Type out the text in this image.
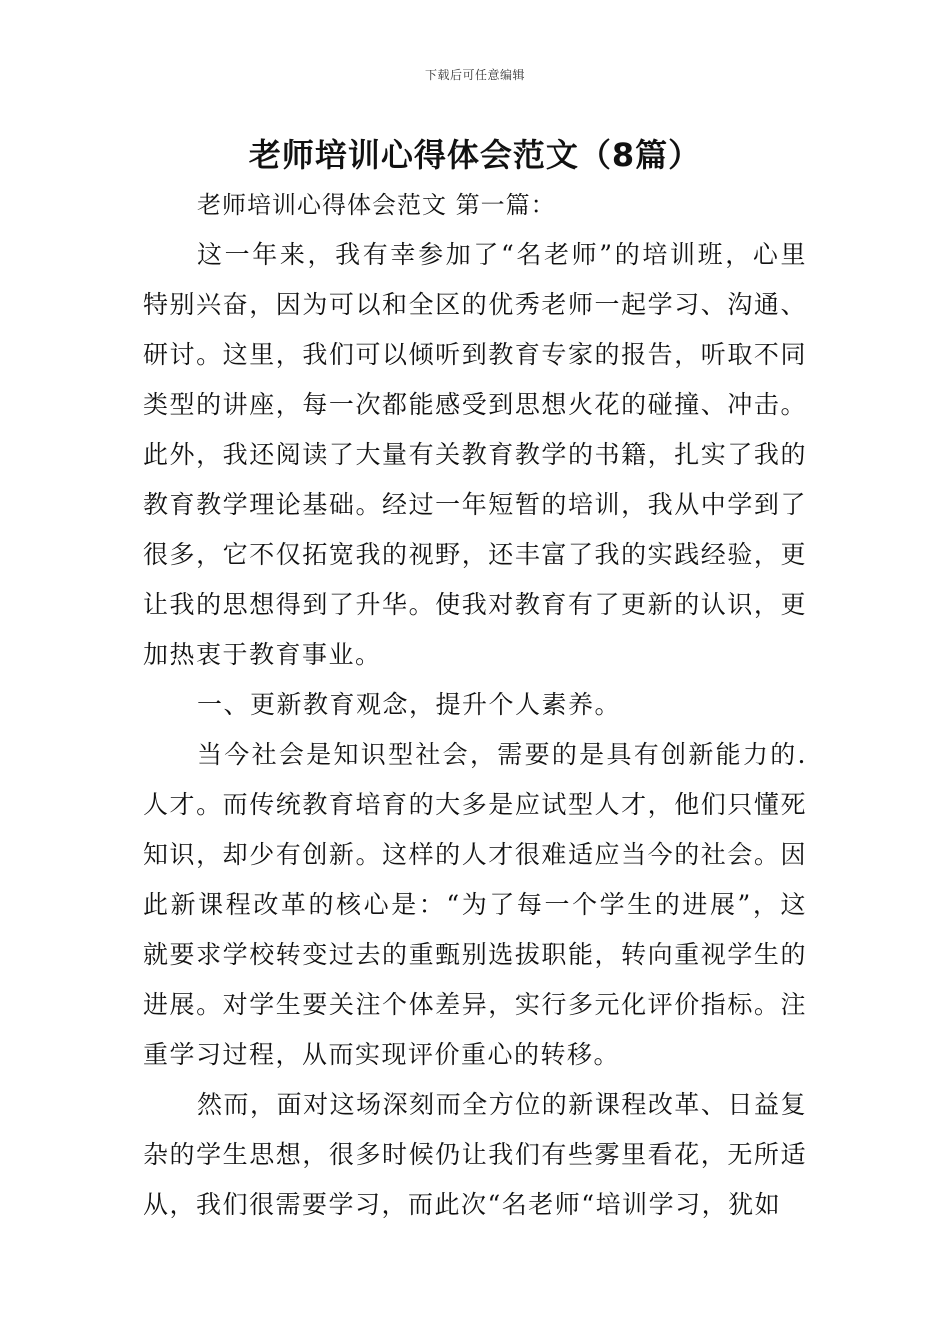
下载后可任意编辑
老师培训心得体会范文（8篇）

老师培训心得体会范文 第一篇：

这一年来，我有幸参加了“名老师”的培训班，心里特别兴奋，因为可以和全区的优秀老师一起学习、沟通、研讨。这里，我们可以倾听到教育专家的报告，听取不同类型的讲座，每一次都能感受到思想火花的碰撞、冲击。此外，我还阅读了大量有关教育教学的书籍，扎实了我的教育教学理论基础。经过一年短暂的培训，我从中学到了很多，它不仅拓宽我的视野，还丰富了我的实践经验，更让我的思想得到了升华。使我对教育有了更新的认识，更加热衷于教育事业。

一、更新教育观念，提升个人素养。

当今社会是知识型社会，需要的是具有创新能力的.人才。而传统教育培育的大多是应试型人才，他们只懂死知识，却少有创新。这样的人才很难适应当今的社会。因此新课程改革的核心是：“为了每一个学生的进展”，这就要求学校转变过去的重甄别选拔职能，转向重视学生的进展。对学生要关注个体差异，实行多元化评价指标。注重学习过程，从而实现评价重心的转移。

然而，面对这场深刻而全方位的新课程改革、日益复杂的学生思想，很多时候仍让我们有些雾里看花，无所适从，我们很需要学习，而此次“名老师“培训学习，犹如
